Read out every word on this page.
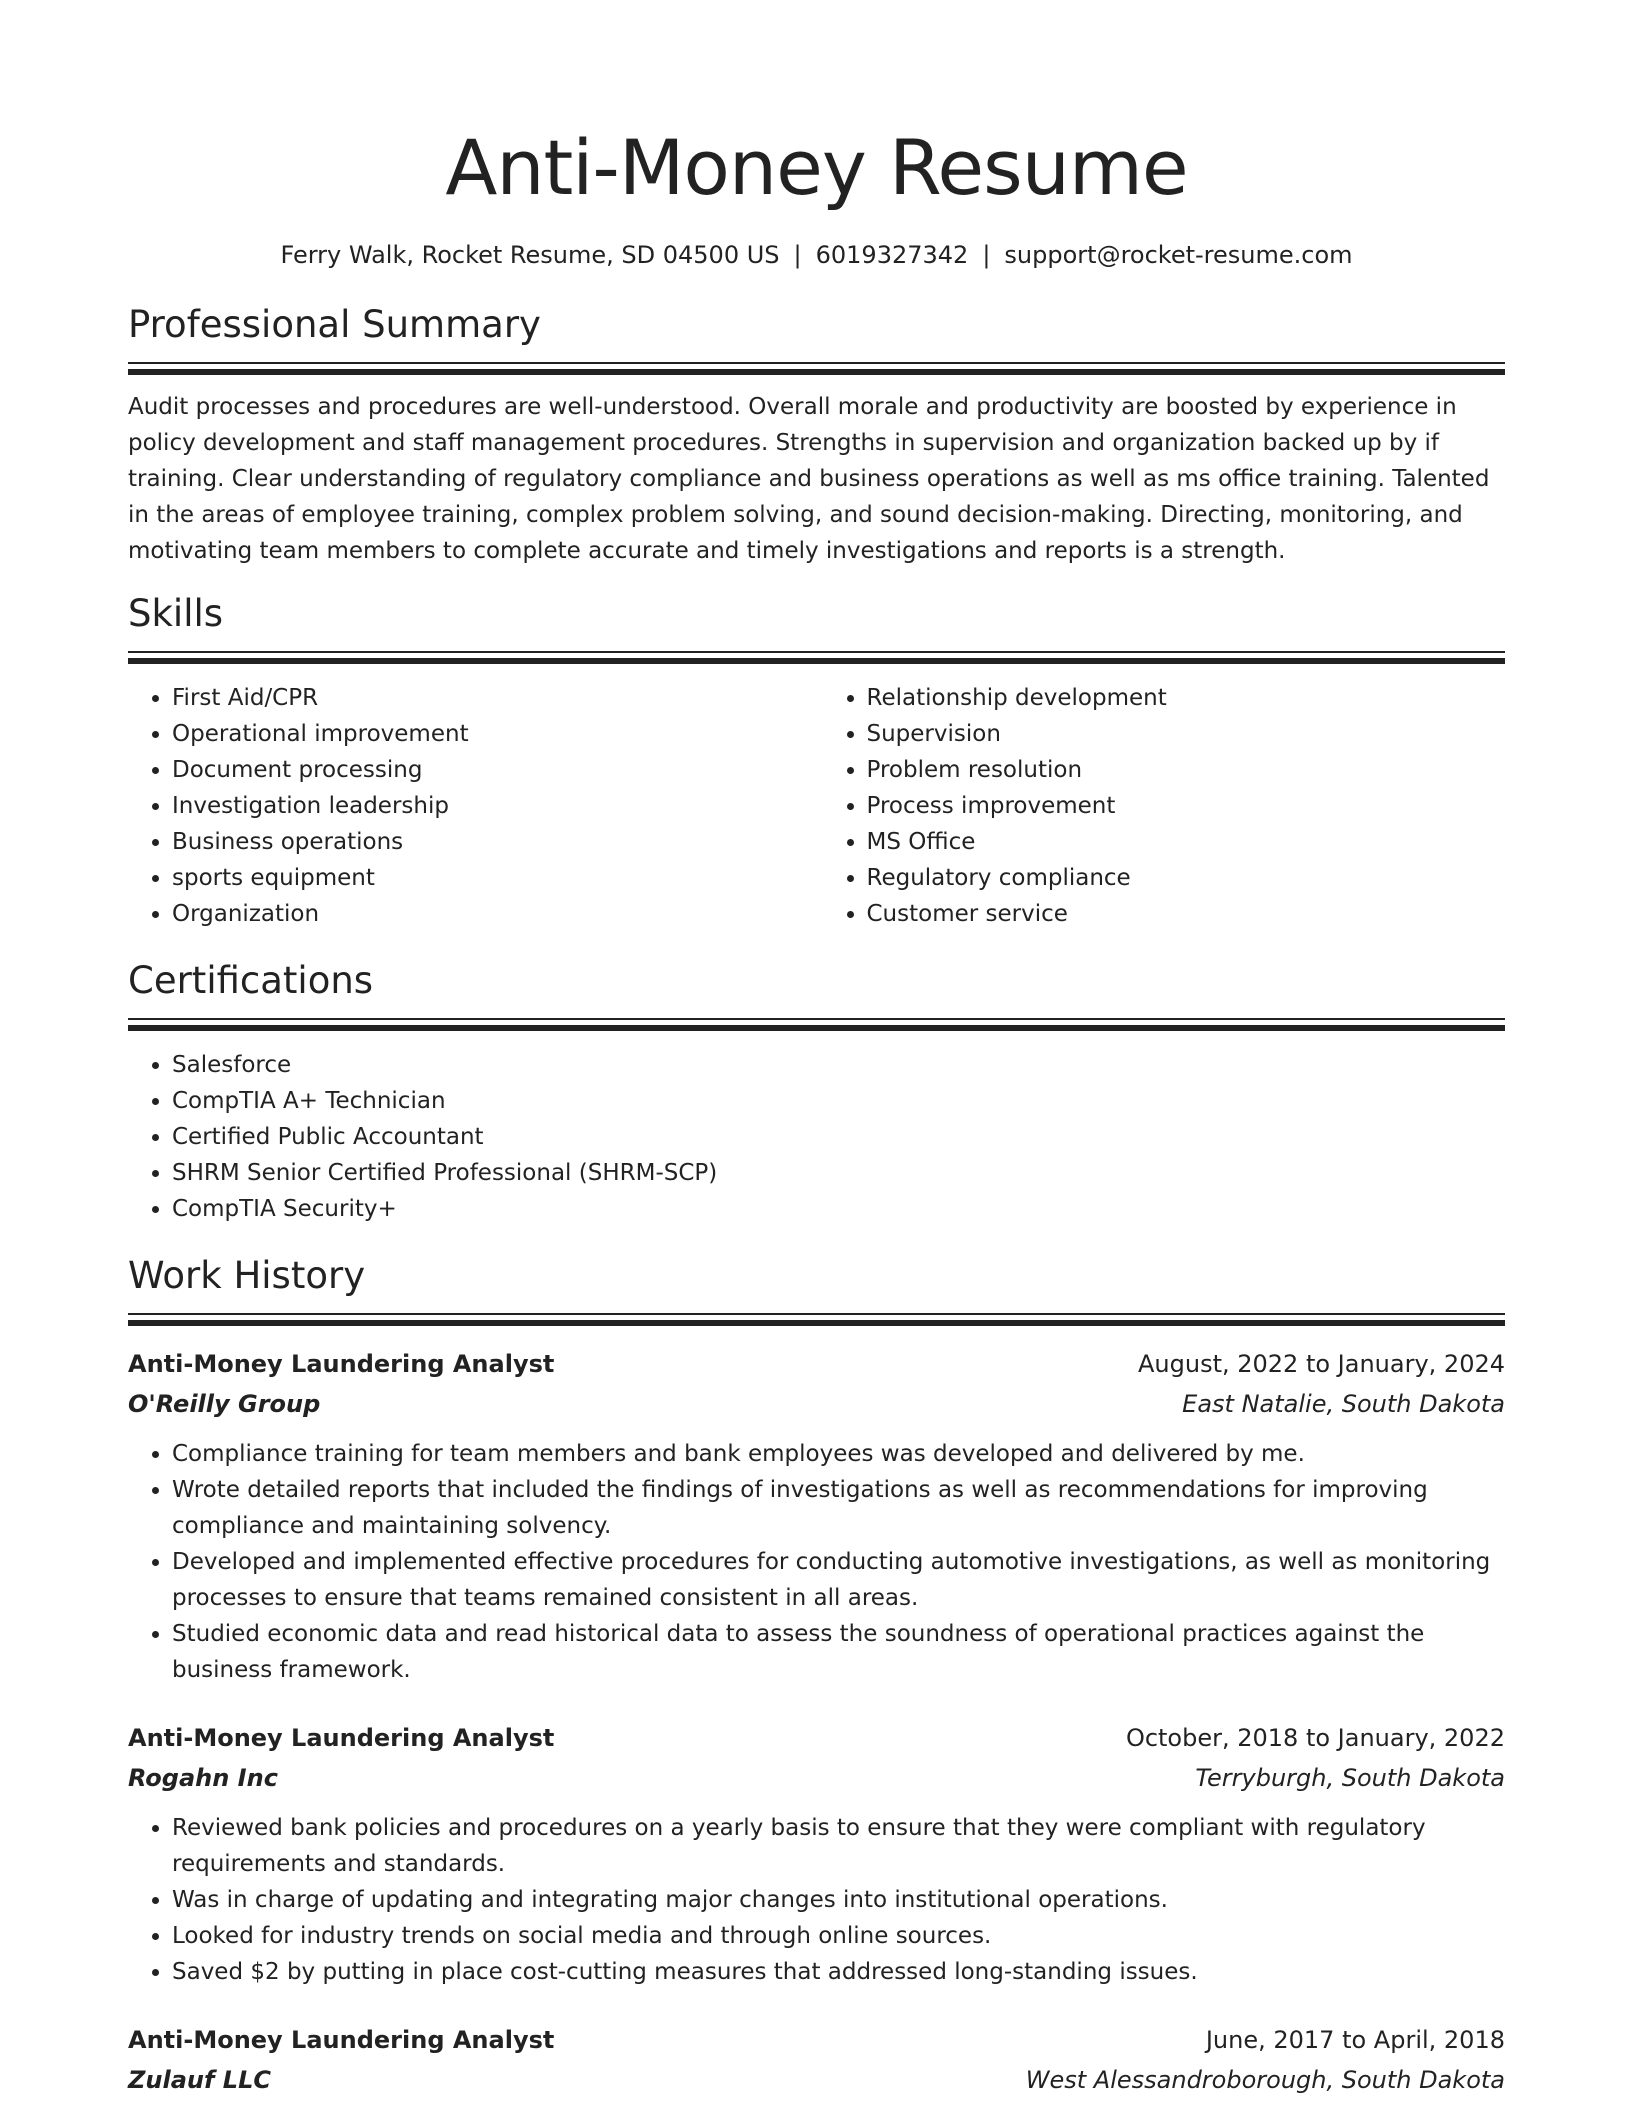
Anti-Money Resume
Ferry Walk, Rocket Resume, SD 04500 US | 6019327342 | support@rocket-resume.com
Professional Summary
Audit processes and procedures are well-understood. Overall morale and productivity are boosted by experience in policy development and staff management procedures. Strengths in supervision and organization backed up by if training. Clear understanding of regulatory compliance and business operations as well as ms office training. Talented in the areas of employee training, complex problem solving, and sound decision-making. Directing, monitoring, and motivating team members to complete accurate and timely investigations and reports is a strength.
Skills
• First Aid/CPR
• Operational improvement
• Document processing
• Investigation leadership
• Business operations
• sports equipment
• Organization
• Relationship development
• Supervision
• Problem resolution
• Process improvement
• MS Office
• Regulatory compliance
• Customer service
Certifications
• Salesforce
• CompTIA A+ Technician
• Certified Public Accountant
• SHRM Senior Certified Professional (SHRM-SCP)
• CompTIA Security+
Work History
Anti-Money Laundering Analyst	August, 2022 to January, 2024
O'Reilly Group	East Natalie, South Dakota
• Compliance training for team members and bank employees was developed and delivered by me.
• Wrote detailed reports that included the findings of investigations as well as recommendations for improving compliance and maintaining solvency.
• Developed and implemented effective procedures for conducting automotive investigations, as well as monitoring processes to ensure that teams remained consistent in all areas.
• Studied economic data and read historical data to assess the soundness of operational practices against the business framework.
Anti-Money Laundering Analyst	October, 2018 to January, 2022
Rogahn Inc	Terryburgh, South Dakota
• Reviewed bank policies and procedures on a yearly basis to ensure that they were compliant with regulatory requirements and standards.
• Was in charge of updating and integrating major changes into institutional operations.
• Looked for industry trends on social media and through online sources.
• Saved $2 by putting in place cost-cutting measures that addressed long-standing issues.
Anti-Money Laundering Analyst	June, 2017 to April, 2018
Zulauf LLC	West Alessandroborough, South Dakota
